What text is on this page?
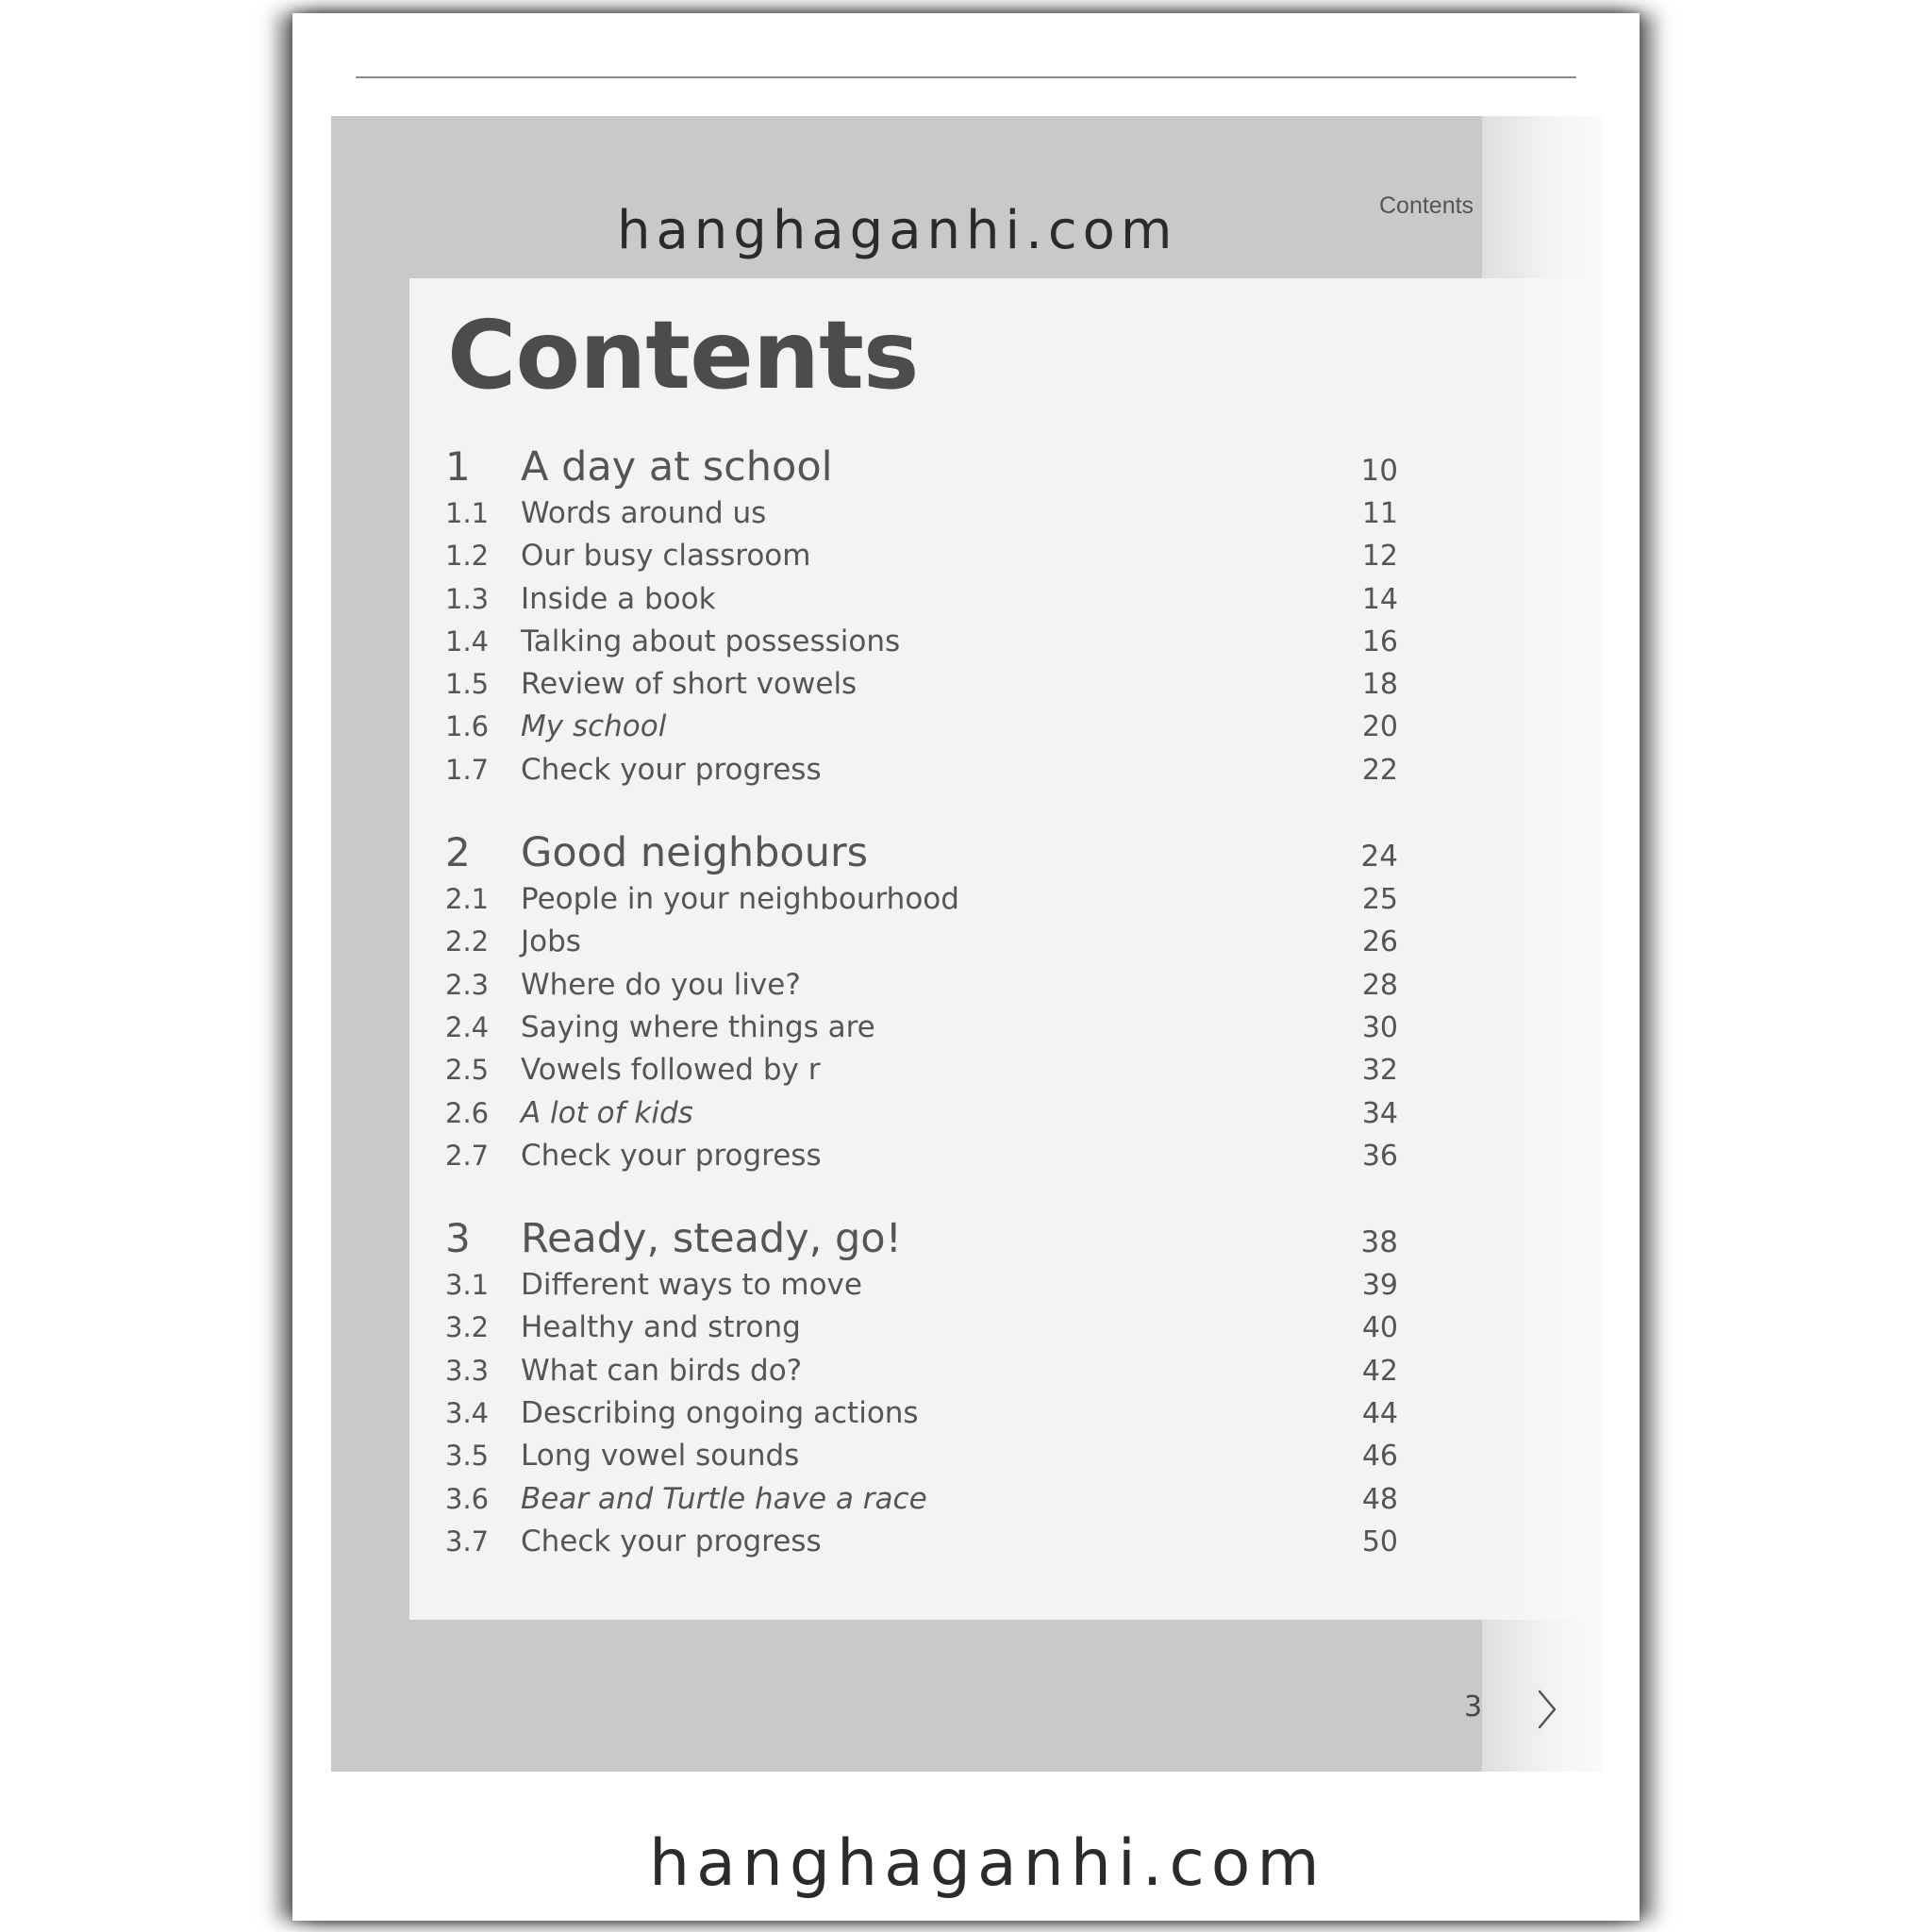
hanghaganhi.com	Contents
Contents
1	A day at school	10
1.1	Words around us	11
1.2	Our busy classroom	12
1.3	Inside a book	14
1.4	Talking about possessions	16
1.5	Review of short vowels	18
1.6	My school	20
1.7	Check your progress	22
2	Good neighbours	24
2.1	People in your neighbourhood	25
2.2	Jobs	26
2.3	Where do you live?	28
2.4	Saying where things are	30
2.5	Vowels followed by r	32
2.6	A lot of kids	34
2.7	Check your progress	36
3	Ready, steady, go!	38
3.1	Different ways to move	39
3.2	Healthy and strong	40
3.3	What can birds do?	42
3.4	Describing ongoing actions	44
3.5	Long vowel sounds	46
3.6	Bear and Turtle have a race	48
3.7	Check your progress	50
3
hanghaganhi.com
